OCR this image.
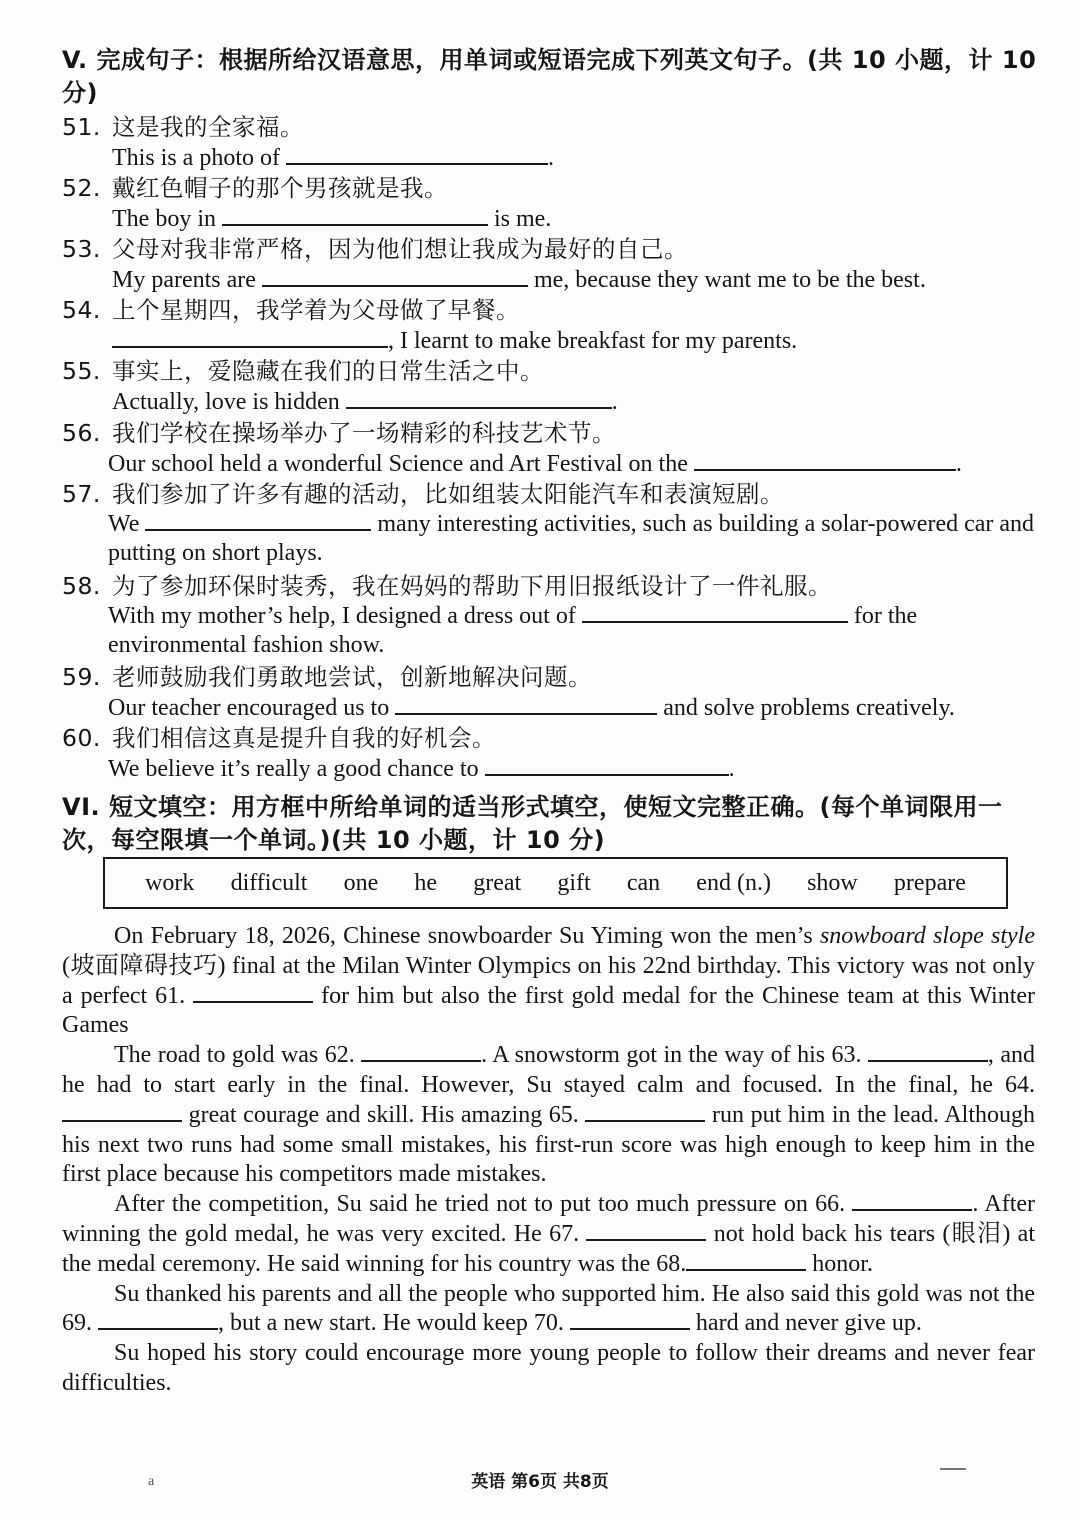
V. 完成句子：根据所给汉语意思，用单词或短语完成下列英文句子。(共 10 小题，计 10 分)
51. 这是我的全家福。
This is a photo of	.
52. 戴红色帽子的那个男孩就是我。
The boy in	is me.
53. 父母对我非常严格，因为他们想让我成为最好的自己。
My parents are	me, because they want me to be the best.
54. 上个星期四，我学着为父母做了早餐。
, I learnt to make breakfast for my parents.
55. 事实上，爱隐藏在我们的日常生活之中。
Actually, love is hidden	.
56. 我们学校在操场举办了一场精彩的科技艺术节。
Our school held a wonderful Science and Art Festival on the	.
57. 我们参加了许多有趣的活动，比如组装太阳能汽车和表演短剧。
We	many interesting activities, such as building a solar-powered car and putting on short plays.
58. 为了参加环保时装秀，我在妈妈的帮助下用旧报纸设计了一件礼服。
With my mother’s help, I designed a dress out of	for the environmental fashion show.
59. 老师鼓励我们勇敢地尝试，创新地解决问题。
Our teacher encouraged us to	and solve problems creatively.
60. 我们相信这真是提升自我的好机会。
We believe it’s really a good chance to	.
VI. 短文填空：用方框中所给单词的适当形式填空，使短文完整正确。(每个单词限用一次，每空限填一个单词。)(共 10 小题，计 10 分)
work difficult one he great gift can end (n.) show prepare

On February 18, 2026, Chinese snowboarder Su Yiming won the men’s snowboard slope style (坡面障碍技巧) final at the Milan Winter Olympics on his 22nd birthday. This victory was not only a perfect 61.	for him but also the first gold medal for the Chinese team at this Winter Games

The road to gold was 62.	. A snowstorm got in the way of his 63.	, and he had to start early in the final. However, Su stayed calm and focused. In the final, he 64.  great courage and skill. His amazing 65.	run put him in the lead. Although his next two runs had some small mistakes, his first-run score was high enough to keep him in the first place because his competitors made mistakes.

After the competition, Su said he tried not to put too much pressure on 66.	. After winning the gold medal, he was very excited. He 67.	not hold back his tears (眼泪) at the medal ceremony. He said winning for his country was the 68.	honor.

Su thanked his parents and all the people who supported him. He also said this gold was not the 69.	, but a new start. He would keep 70.	hard and never give up.

Su hoped his story could encourage more young people to follow their dreams and never fear difficulties.

a	英语 第6页 共8页
